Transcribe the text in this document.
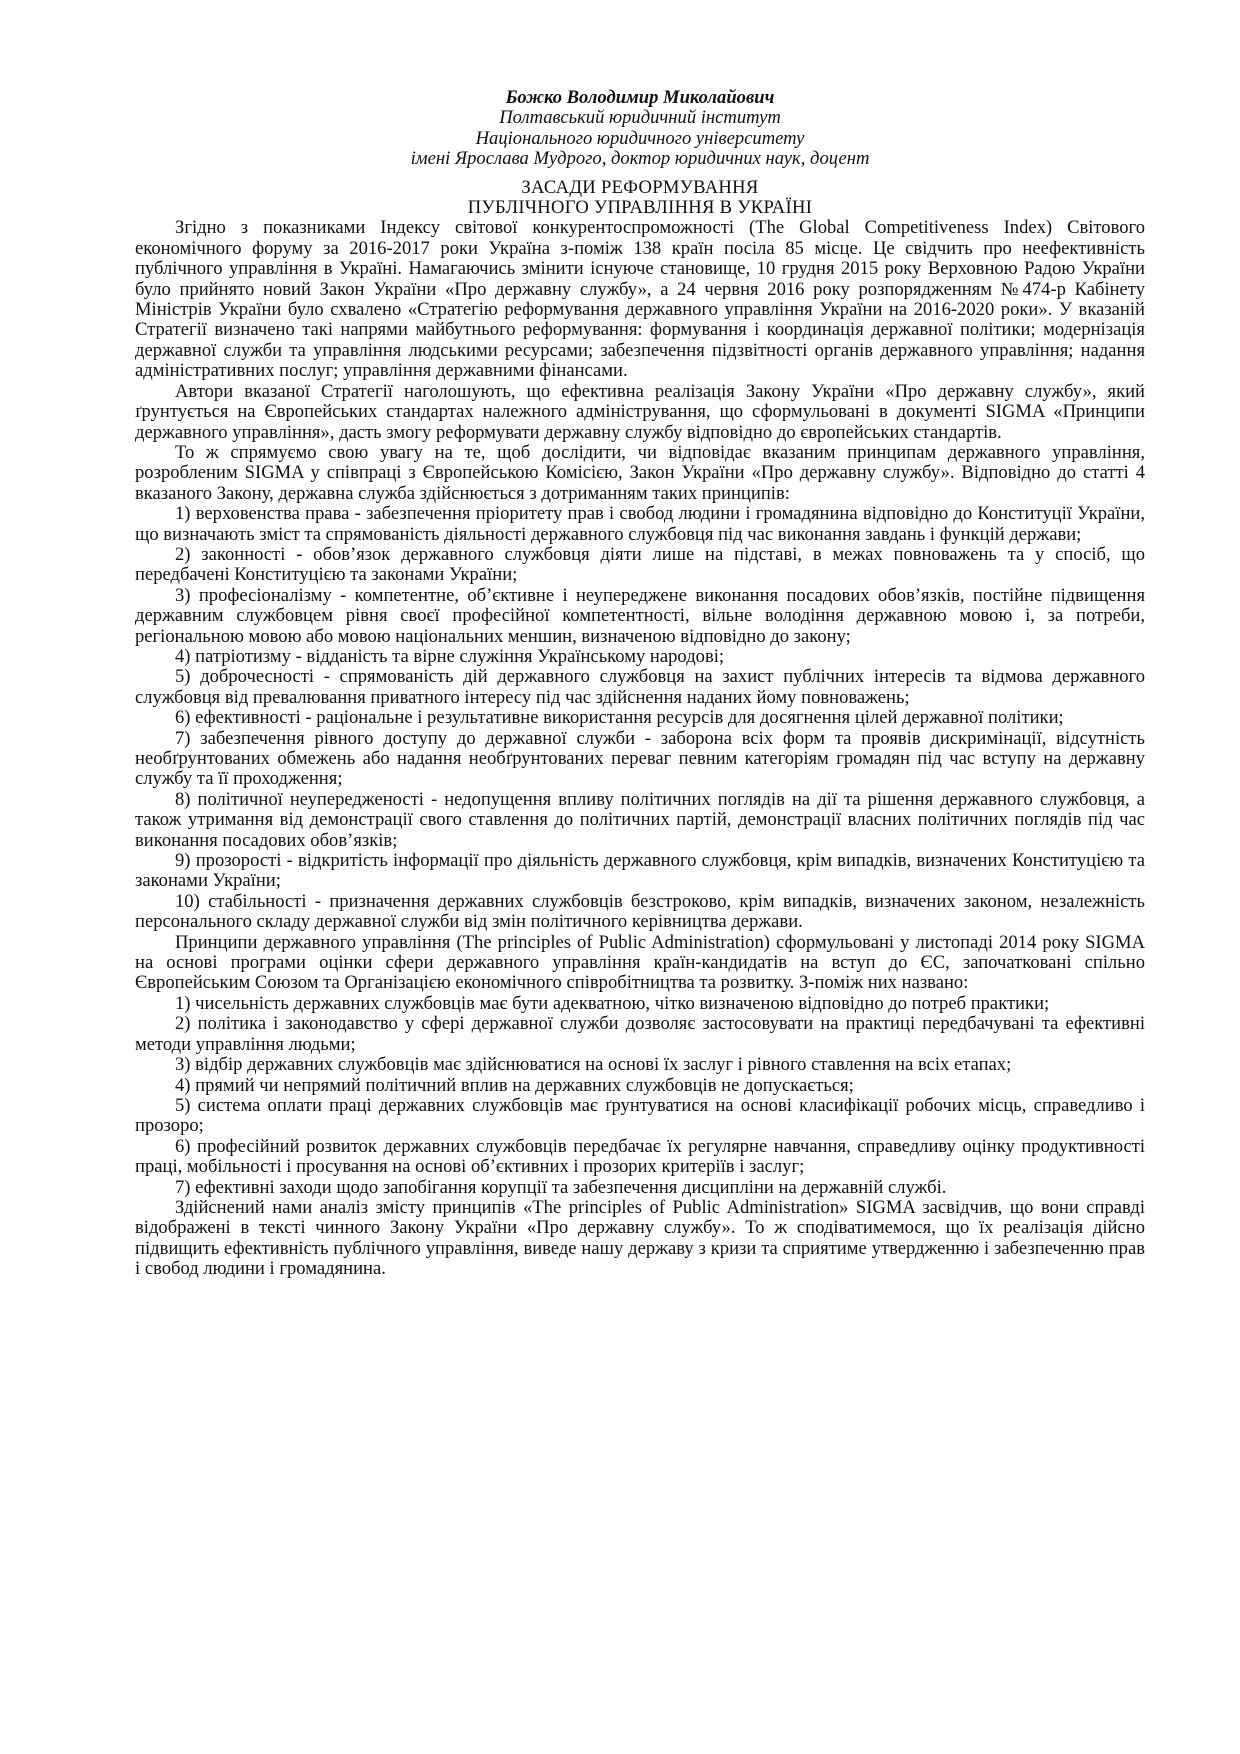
Божко Володимир Миколайович
Полтавський юридичний інститут
Національного юридичного університету
імені Ярослава Мудрого, доктор юридичних наук, доцент
ЗАСАДИ РЕФОРМУВАННЯ
ПУБЛІЧНОГО УПРАВЛІННЯ В УКРАЇНІ

Згідно з показниками Індексу світової конкурентоспроможності (The Global Competitiveness Index) Світового економічного форуму за 2016-2017 роки Україна з-поміж 138 країн посіла 85 місце. Це свідчить про неефективність публічного управління в Україні. Намагаючись змінити існуюче становище, 10 грудня 2015 року Верховною Радою України було прийнято новий Закон України «Про державну службу», а 24 червня 2016 року розпорядженням №474-р Кабінету Міністрів України було схвалено «Стратегію реформування державного управління України на 2016-2020 роки». У вказаній Стратегії визначено такі напрями майбутнього реформування: формування і координація державної політики; модернізація державної служби та управління людськими ресурсами; забезпечення підзвітності органів державного управління; надання адміністративних послуг; управління державними фінансами.

Автори вказаної Стратегії наголошують, що ефективна реалізація Закону України «Про державну службу», який ґрунтується на Європейських стандартах належного адміністрування, що сформульовані в документі SIGMA «Принципи державного управління», дасть змогу реформувати державну службу відповідно до європейських стандартів.

То ж спрямуємо свою увагу на те, щоб дослідити, чи відповідає вказаним принципам державного управління, розробленим SIGMA у співпраці з Європейською Комісією, Закон України «Про державну службу». Відповідно до статті 4 вказаного Закону, державна служба здійснюється з дотриманням таких принципів:

1) верховенства права - забезпечення пріоритету прав і свобод людини і громадянина відповідно до Конституції України, що визначають зміст та спрямованість діяльності державного службовця під час виконання завдань і функцій держави;
2) законності - обов’язок державного службовця діяти лише на підставі, в межах повноважень та у спосіб, що передбачені Конституцією та законами України;
3) професіоналізму - компетентне, об’єктивне і неупереджене виконання посадових обов’язків, постійне підвищення державним службовцем рівня своєї професійної компетентності, вільне володіння державною мовою і, за потреби, регіональною мовою або мовою національних меншин, визначеною відповідно до закону;
4) патріотизму - відданість та вірне служіння Українському народові;
5) доброчесності - спрямованість дій державного службовця на захист публічних інтересів та відмова державного службовця від превалювання приватного інтересу під час здійснення наданих йому повноважень;
6) ефективності - раціональне і результативне використання ресурсів для досягнення цілей державної політики;
7) забезпечення рівного доступу до державної служби - заборона всіх форм та проявів дискримінації, відсутність необґрунтованих обмежень або надання необґрунтованих переваг певним категоріям громадян під час вступу на державну службу та її проходження;
8) політичної неупередженості - недопущення впливу політичних поглядів на дії та рішення державного службовця, а також утримання від демонстрації свого ставлення до політичних партій, демонстрації власних політичних поглядів під час виконання посадових обов’язків;
9) прозорості - відкритість інформації про діяльність державного службовця, крім випадків, визначених Конституцією та законами України;
10) стабільності - призначення державних службовців безстроково, крім випадків, визначених законом, незалежність персонального складу державної служби від змін політичного керівництва держави.

Принципи державного управління (The principles of Public Administration) сформульовані у листопаді 2014 року SIGMA на основі програми оцінки сфери державного управління країн-кандидатів на вступ до ЄС, започатковані спільно Європейським Союзом та Організацією економічного співробітництва та розвитку. З-поміж них названо:

1) чисельність державних службовців має бути адекватною, чітко визначеною відповідно до потреб практики;
2) політика і законодавство у сфері державної служби дозволяє застосовувати на практиці передбачувані та ефективні методи управління людьми;
3) відбір державних службовців має здійснюватися на основі їх заслуг і рівного ставлення на всіх етапах;
4) прямий чи непрямий політичний вплив на державних службовців не допускається;
5) система оплати праці державних службовців має ґрунтуватися на основі класифікації робочих місць, справедливо і прозоро;
6) професійний розвиток державних службовців передбачає їх регулярне навчання, справедливу оцінку продуктивності праці, мобільності і просування на основі об’єктивних і прозорих критеріїв і заслуг;
7) ефективні заходи щодо запобігання корупції та забезпечення дисципліни на державній службі.

Здійснений нами аналіз змісту принципів «The principles of Public Administration» SIGMA засвідчив, що вони справді відображені в тексті чинного Закону України «Про державну службу». То ж сподіватимемося, що їх реалізація дійсно підвищить ефективність публічного управління, виведе нашу державу з кризи та сприятиме утвердженню і забезпеченню прав і свобод людини і громадянина.
